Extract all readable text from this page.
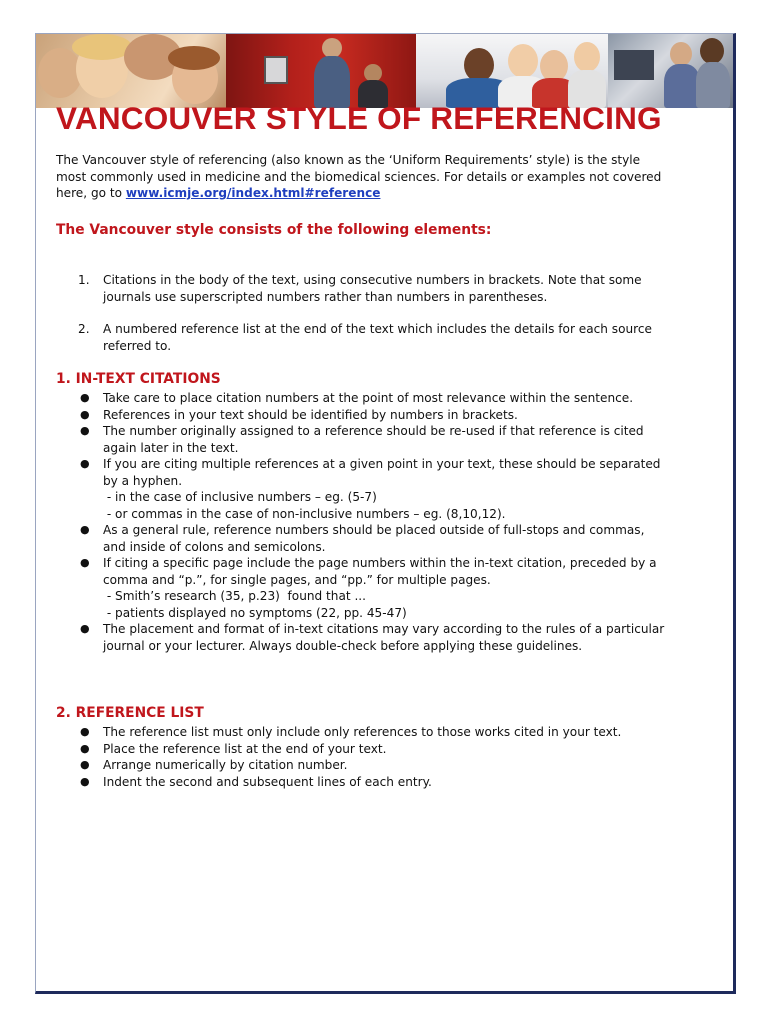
VANCOUVER STYLE OF REFERENCING
The Vancouver style of referencing (also known as the ‘Uniform Requirements’ style) is the style
most commonly used in medicine and the biomedical sciences. For details or examples not covered
here, go to www.icmje.org/index.html#reference
The Vancouver style consists of the following elements:
1. Citations in the body of the text, using consecutive numbers in brackets. Note that some
journals use superscripted numbers rather than numbers in parentheses.
2. A numbered reference list at the end of the text which includes the details for each source
referred to.
1. IN-TEXT CITATIONS
● Take care to place citation numbers at the point of most relevance within the sentence.
● References in your text should be identified by numbers in brackets.
● The number originally assigned to a reference should be re-used if that reference is cited
again later in the text.
● If you are citing multiple references at a given point in your text, these should be separated
by a hyphen.
- in the case of inclusive numbers – eg. (5-7)
- or commas in the case of non-inclusive numbers – eg. (8,10,12).
● As a general rule, reference numbers should be placed outside of full-stops and commas,
and inside of colons and semicolons.
● If citing a specific page include the page numbers within the in-text citation, preceded by a
comma and “p.”, for single pages, and “pp.” for multiple pages.
- Smith’s research (35, p.23)  found that ...
- patients displayed no symptoms (22, pp. 45-47)
● The placement and format of in-text citations may vary according to the rules of a particular
journal or your lecturer. Always double-check before applying these guidelines.
2. REFERENCE LIST
● The reference list must only include only references to those works cited in your text.
● Place the reference list at the end of your text.
● Arrange numerically by citation number.
● Indent the second and subsequent lines of each entry.
